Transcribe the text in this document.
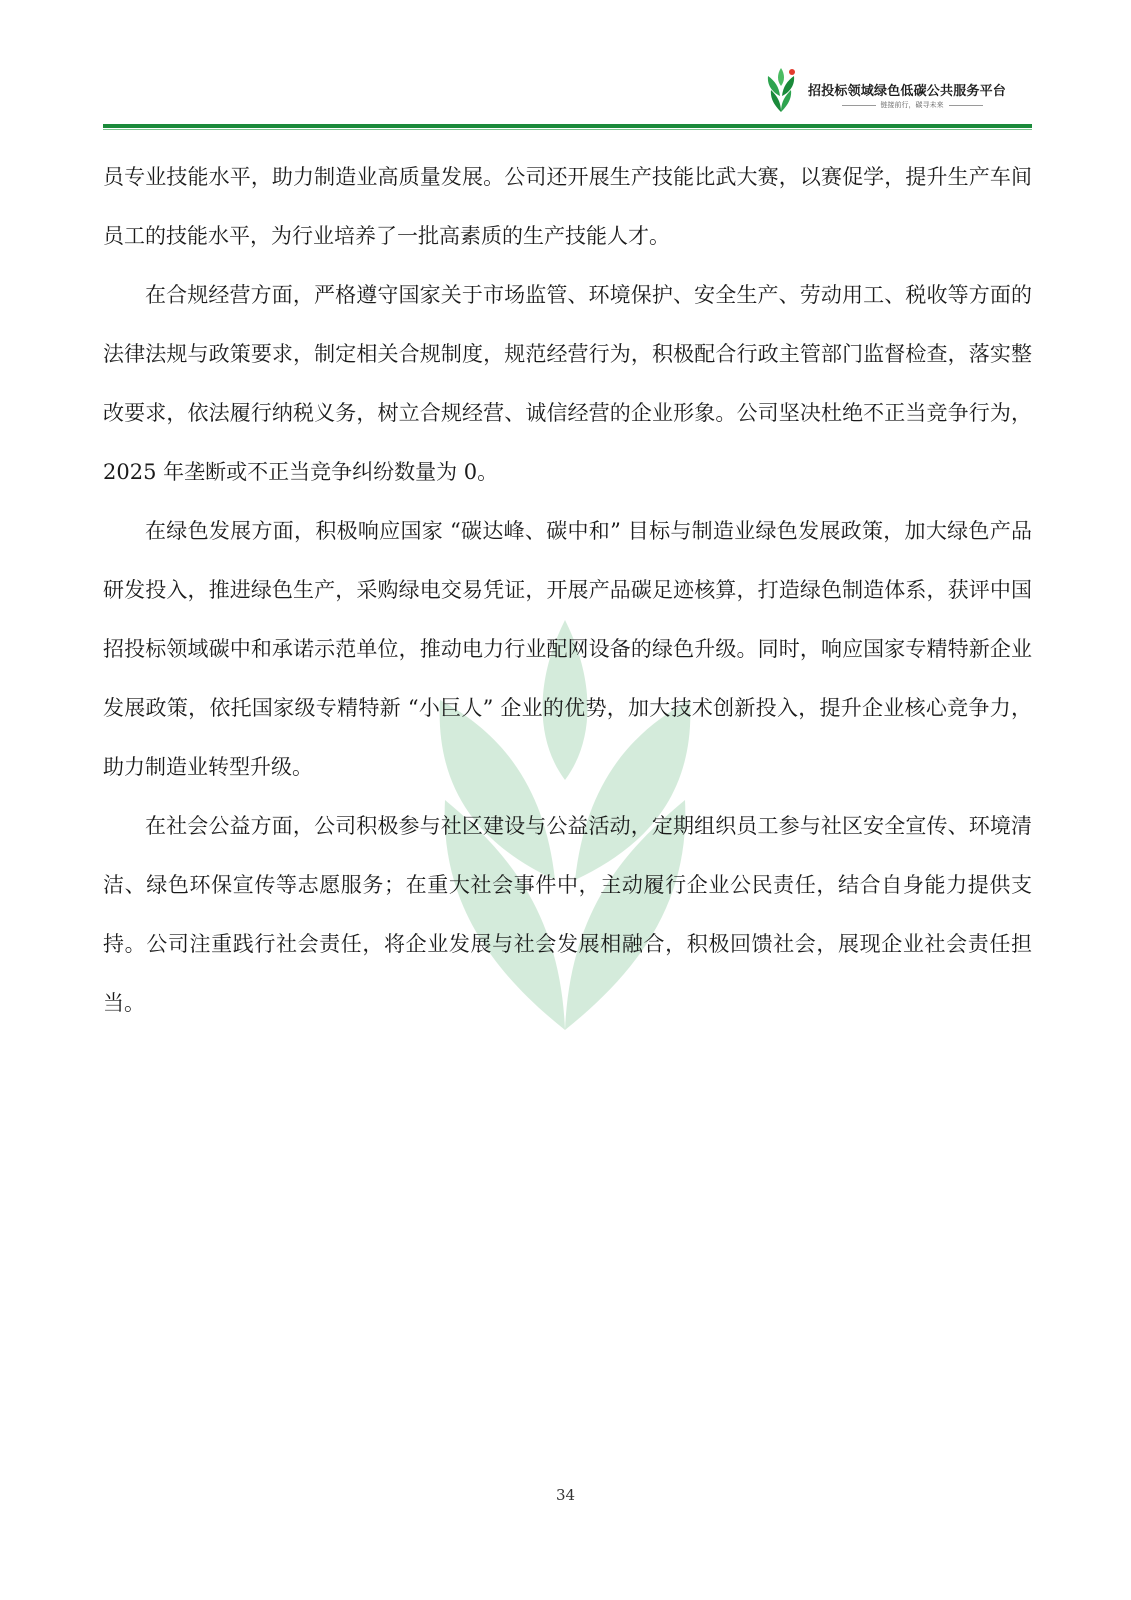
招投标领域绿色低碳公共服务平台
链接前行，碳寻未来

员专业技能水平，助力制造业高质量发展。公司还开展生产技能比武大赛，以赛促学，提升生产车间员工的技能水平，为行业培养了一批高素质的生产技能人才。

在合规经营方面，严格遵守国家关于市场监管、环境保护、安全生产、劳动用工、税收等方面的法律法规与政策要求，制定相关合规制度，规范经营行为，积极配合行政主管部门监督检查，落实整改要求，依法履行纳税义务，树立合规经营、诚信经营的企业形象。公司坚决杜绝不正当竞争行为，2025 年垄断或不正当竞争纠纷数量为 0。

在绿色发展方面，积极响应国家 “碳达峰、碳中和” 目标与制造业绿色发展政策，加大绿色产品研发投入，推进绿色生产，采购绿电交易凭证，开展产品碳足迹核算，打造绿色制造体系，获评中国招投标领域碳中和承诺示范单位，推动电力行业配网设备的绿色升级。同时，响应国家专精特新企业发展政策，依托国家级专精特新 “小巨人” 企业的优势，加大技术创新投入，提升企业核心竞争力，助力制造业转型升级。

在社会公益方面，公司积极参与社区建设与公益活动，定期组织员工参与社区安全宣传、环境清洁、绿色环保宣传等志愿服务；在重大社会事件中，主动履行企业公民责任，结合自身能力提供支持。公司注重践行社会责任，将企业发展与社会发展相融合，积极回馈社会，展现企业社会责任担当。

34
